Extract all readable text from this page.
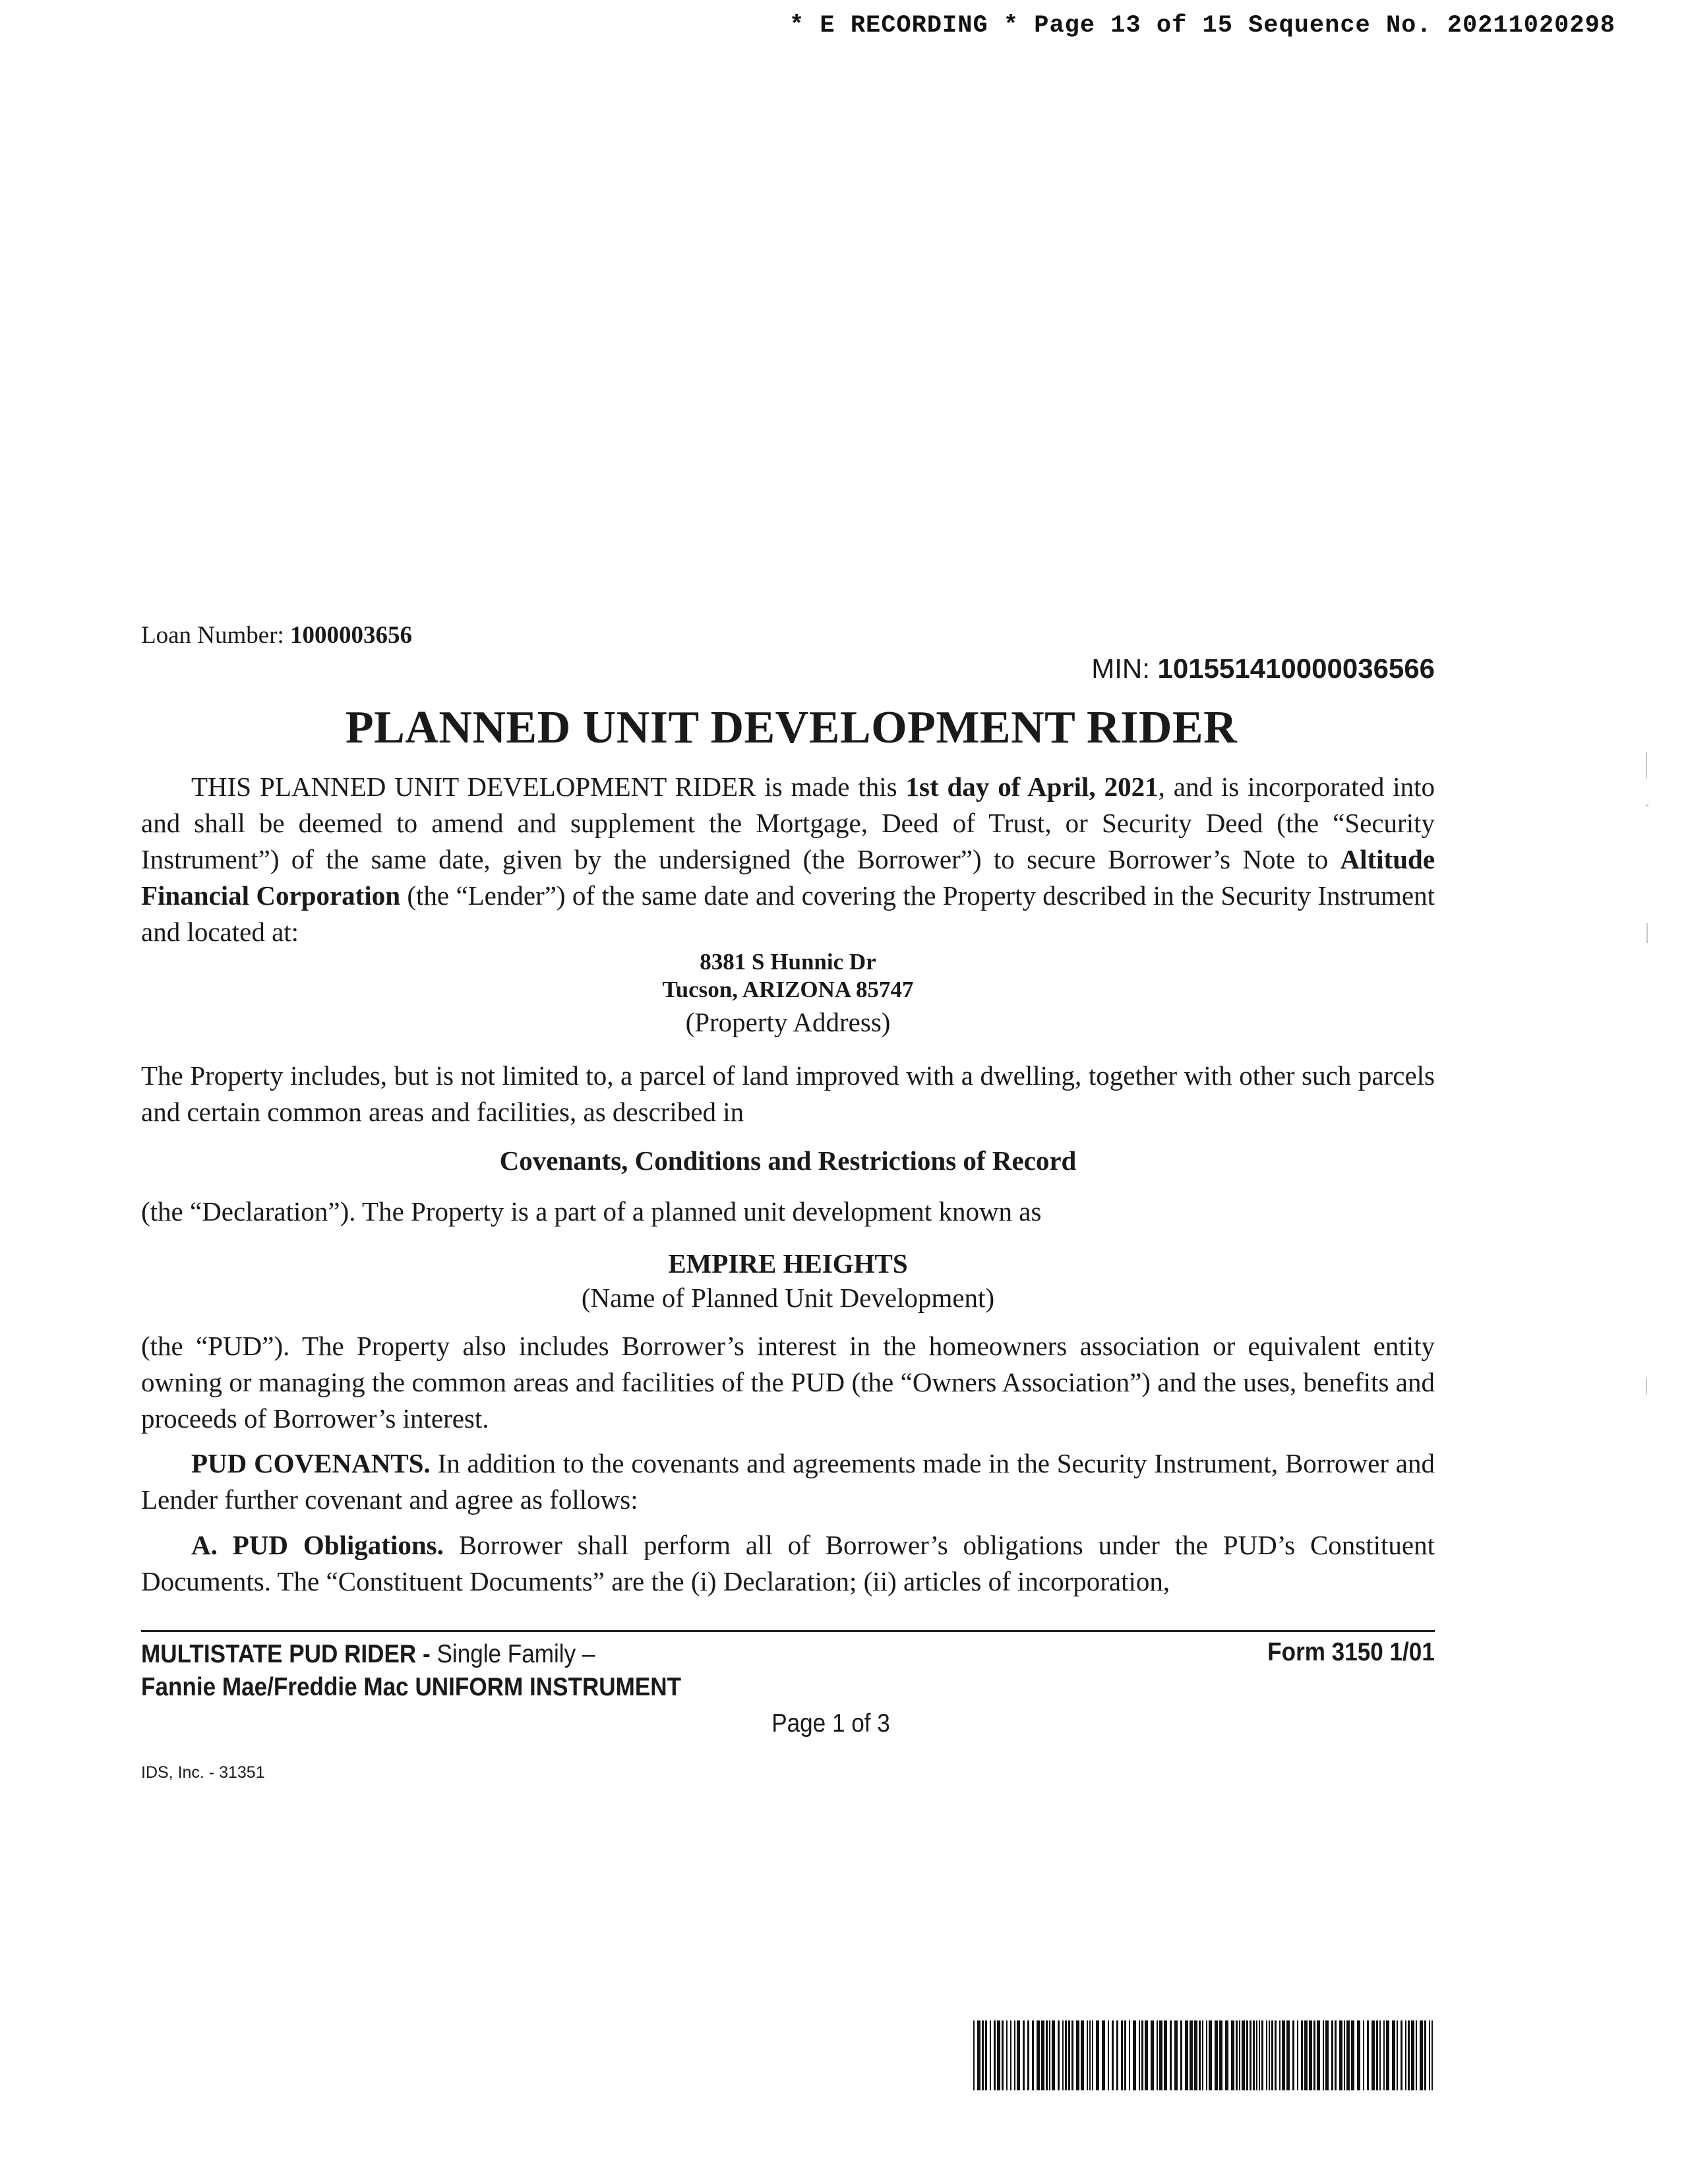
* E RECORDING * Page 13 of 15 Sequence No. 20211020298
Loan Number: 1000003656
MIN: 101551410000036566
PLANNED UNIT DEVELOPMENT RIDER
THIS PLANNED UNIT DEVELOPMENT RIDER is made this 1st day of April, 2021, and is incorporated into and shall be deemed to amend and supplement the Mortgage, Deed of Trust, or Security Deed (the “Security Instrument”) of the same date, given by the undersigned (the Borrower”) to secure Borrower’s Note to Altitude Financial Corporation (the “Lender”) of the same date and covering the Property described in the Security Instrument and located at:
8381 S Hunnic Dr
Tucson, ARIZONA 85747
(Property Address)
The Property includes, but is not limited to, a parcel of land improved with a dwelling, together with other such parcels and certain common areas and facilities, as described in
Covenants, Conditions and Restrictions of Record
(the “Declaration”). The Property is a part of a planned unit development known as
EMPIRE HEIGHTS
(Name of Planned Unit Development)
(the “PUD”). The Property also includes Borrower’s interest in the homeowners association or equivalent entity owning or managing the common areas and facilities of the PUD (the “Owners Association”) and the uses, benefits and proceeds of Borrower’s interest.
PUD COVENANTS. In addition to the covenants and agreements made in the Security Instrument, Borrower and Lender further covenant and agree as follows:
A. PUD Obligations. Borrower shall perform all of Borrower’s obligations under the PUD’s Constituent Documents. The “Constituent Documents” are the (i) Declaration; (ii) articles of incorporation,
MULTISTATE PUD RIDER - Single Family –
Fannie Mae/Freddie Mac UNIFORM INSTRUMENT
Form 3150 1/01
Page 1 of 3
IDS, Inc. - 31351
